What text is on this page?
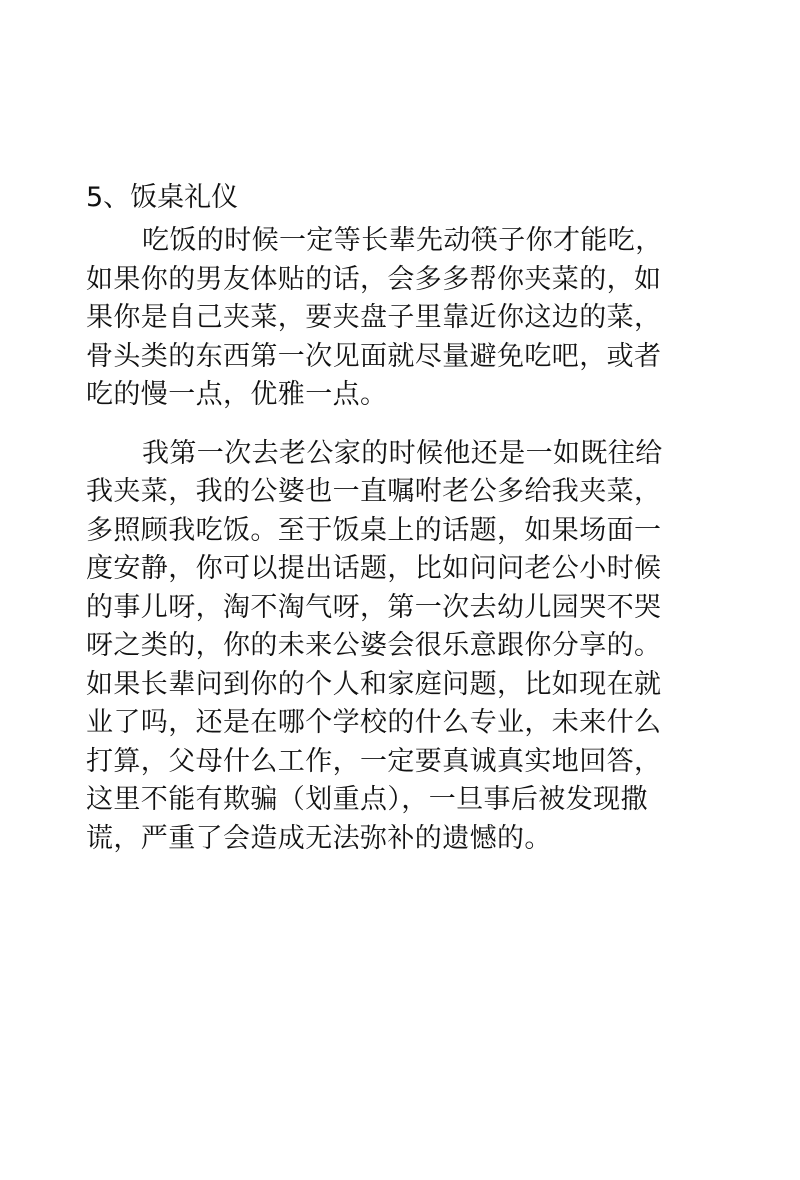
5、饭桌礼仪
吃饭的时候一定等长辈先动筷子你才能吃，
如果你的男友体贴的话，会多多帮你夹菜的，如
果你是自己夹菜，要夹盘子里靠近你这边的菜，
骨头类的东西第一次见面就尽量避免吃吧，或者
吃的慢一点，优雅一点。
我第一次去老公家的时候他还是一如既往给
我夹菜，我的公婆也一直嘱咐老公多给我夹菜，
多照顾我吃饭。至于饭桌上的话题，如果场面一
度安静，你可以提出话题，比如问问老公小时候
的事儿呀，淘不淘气呀，第一次去幼儿园哭不哭
呀之类的，你的未来公婆会很乐意跟你分享的。
如果长辈问到你的个人和家庭问题，比如现在就
业了吗，还是在哪个学校的什么专业，未来什么
打算，父母什么工作，一定要真诚真实地回答，
这里不能有欺骗（划重点），一旦事后被发现撒
谎，严重了会造成无法弥补的遗憾的。
